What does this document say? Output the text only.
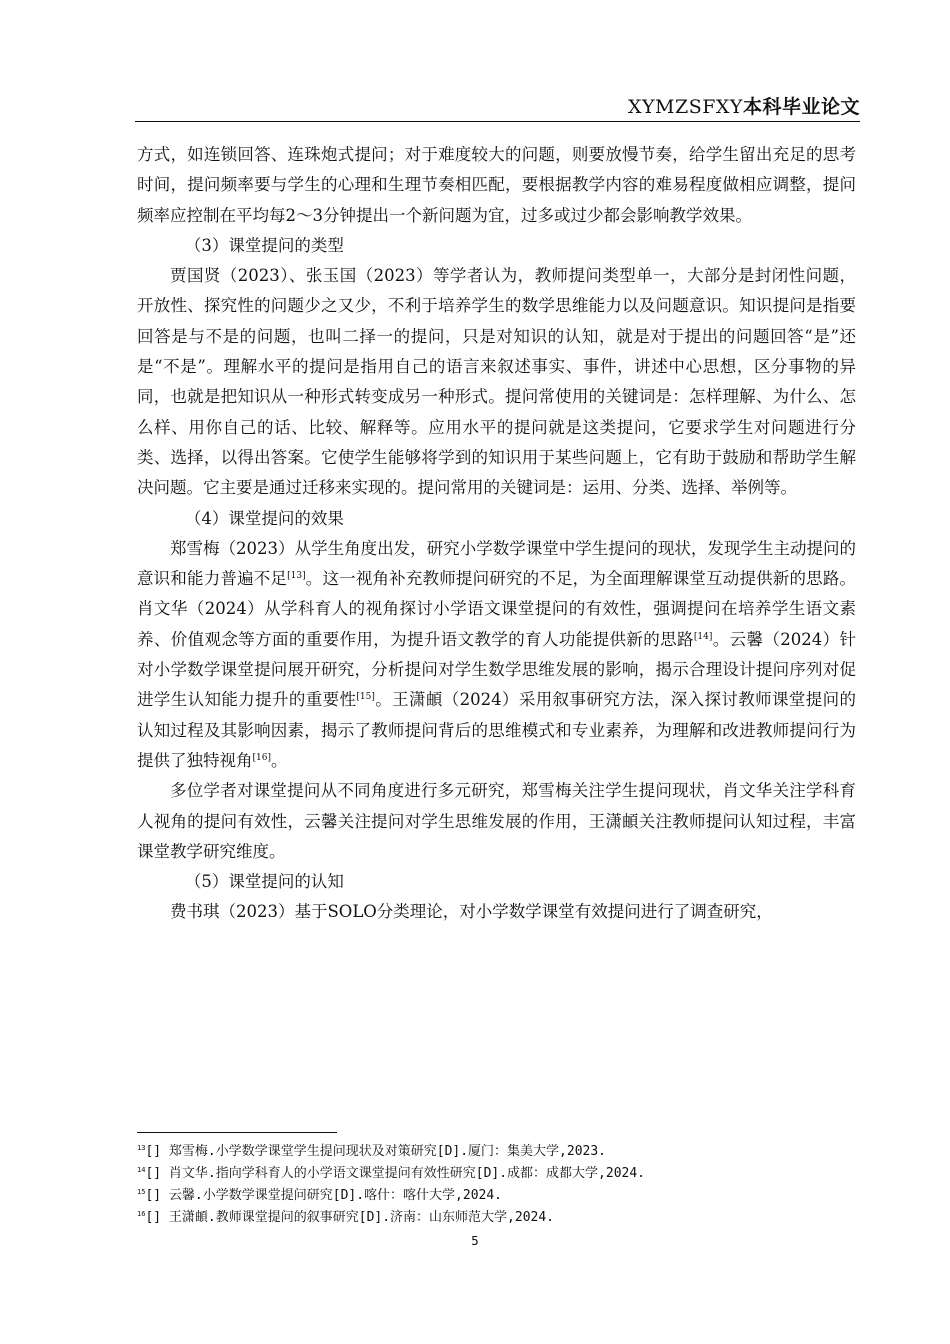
XYMZSFXY本科毕业论文

方式，如连锁回答、连珠炮式提问；对于难度较大的问题，则要放慢节奏，给学生留出充足的思考时间，提问频率要与学生的心理和生理节奏相匹配，要根据教学内容的难易程度做相应调整，提问频率应控制在平均每2～3分钟提出一个新问题为宜，过多或过少都会影响教学效果。

（3）课堂提问的类型

贾国贤（2023）、张玉国（2023）等学者认为，教师提问类型单一，大部分是封闭性问题，开放性、探究性的问题少之又少，不利于培养学生的数学思维能力以及问题意识。知识提问是指要回答是与不是的问题，也叫二择一的提问，只是对知识的认知，就是对于提出的问题回答“是”还是“不是”。理解水平的提问是指用自己的语言来叙述事实、事件，讲述中心思想，区分事物的异同，也就是把知识从一种形式转变成另一种形式。提问常使用的关键词是：怎样理解、为什么、怎么样、用你自己的话、比较、解释等。应用水平的提问就是这类提问，它要求学生对问题进行分类、选择，以得出答案。它使学生能够将学到的知识用于某些问题上，它有助于鼓励和帮助学生解决问题。它主要是通过迁移来实现的。提问常用的关键词是：运用、分类、选择、举例等。

（4）课堂提问的效果

郑雪梅（2023）从学生角度出发，研究小学数学课堂中学生提问的现状，发现学生主动提问的意识和能力普遍不足[13]。这一视角补充教师提问研究的不足，为全面理解课堂互动提供新的思路。肖文华（2024）从学科育人的视角探讨小学语文课堂提问的有效性，强调提问在培养学生语文素养、价值观念等方面的重要作用，为提升语文教学的育人功能提供新的思路[14]。云馨（2024）针对小学数学课堂提问展开研究，分析提问对学生数学思维发展的影响，揭示合理设计提问序列对促进学生认知能力提升的重要性[15]。王潇頔（2024）采用叙事研究方法，深入探讨教师课堂提问的认知过程及其影响因素，揭示了教师提问背后的思维模式和专业素养，为理解和改进教师提问行为提供了独特视角[16]。

多位学者对课堂提问从不同角度进行多元研究，郑雪梅关注学生提问现状，肖文华关注学科育人视角的提问有效性，云馨关注提问对学生思维发展的作用，王潇頔关注教师提问认知过程，丰富课堂教学研究维度。

（5）课堂提问的认知

费书琪（2023）基于SOLO分类理论，对小学数学课堂有效提问进行了调查研究，

$^{13}$[] 郑雪梅.小学数学课堂学生提问现状及对策研究[D].厦门：集美大学,2023.
$^{14}$[] 肖文华.指向学科育人的小学语文课堂提问有效性研究[D].成都：成都大学,2024.
$^{15}$[] 云馨.小学数学课堂提问研究[D].喀什：喀什大学,2024.
$^{16}$[] 王潇頔.教师课堂提问的叙事研究[D].济南：山东师范大学,2024.
5
